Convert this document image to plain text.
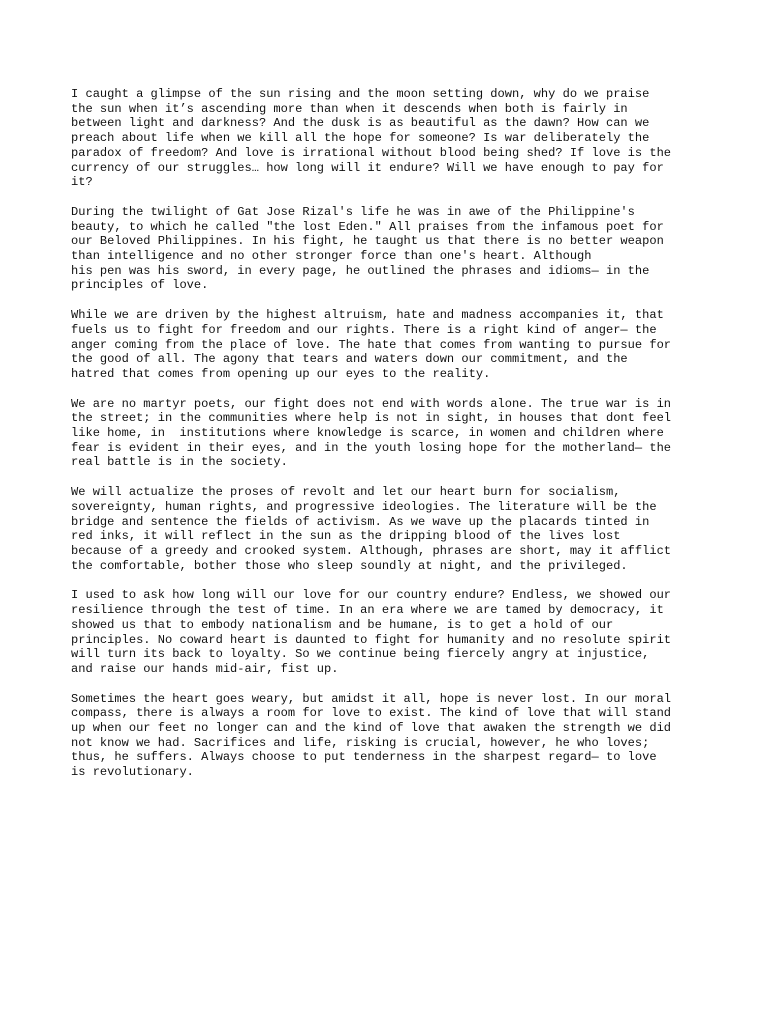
I caught a glimpse of the sun rising and the moon setting down, why do we praise
the sun when it’s ascending more than when it descends when both is fairly in
between light and darkness? And the dusk is as beautiful as the dawn? How can we
preach about life when we kill all the hope for someone? Is war deliberately the
paradox of freedom? And love is irrational without blood being shed? If love is the
currency of our struggles… how long will it endure? Will we have enough to pay for
it?

During the twilight of Gat Jose Rizal's life he was in awe of the Philippine's
beauty, to which he called "the lost Eden." All praises from the infamous poet for
our Beloved Philippines. In his fight, he taught us that there is no better weapon
than intelligence and no other stronger force than one's heart. Although
his pen was his sword, in every page, he outlined the phrases and idioms— in the
principles of love.

While we are driven by the highest altruism, hate and madness accompanies it, that
fuels us to fight for freedom and our rights. There is a right kind of anger— the
anger coming from the place of love. The hate that comes from wanting to pursue for
the good of all. The agony that tears and waters down our commitment, and the
hatred that comes from opening up our eyes to the reality.

We are no martyr poets, our fight does not end with words alone. The true war is in
the street; in the communities where help is not in sight, in houses that dont feel
like home, in  institutions where knowledge is scarce, in women and children where
fear is evident in their eyes, and in the youth losing hope for the motherland— the
real battle is in the society.

We will actualize the proses of revolt and let our heart burn for socialism,
sovereignty, human rights, and progressive ideologies. The literature will be the
bridge and sentence the fields of activism. As we wave up the placards tinted in
red inks, it will reflect in the sun as the dripping blood of the lives lost
because of a greedy and crooked system. Although, phrases are short, may it afflict
the comfortable, bother those who sleep soundly at night, and the privileged.

I used to ask how long will our love for our country endure? Endless, we showed our
resilience through the test of time. In an era where we are tamed by democracy, it
showed us that to embody nationalism and be humane, is to get a hold of our
principles. No coward heart is daunted to fight for humanity and no resolute spirit
will turn its back to loyalty. So we continue being fiercely angry at injustice,
and raise our hands mid-air, fist up.

Sometimes the heart goes weary, but amidst it all, hope is never lost. In our moral
compass, there is always a room for love to exist. The kind of love that will stand
up when our feet no longer can and the kind of love that awaken the strength we did
not know we had. Sacrifices and life, risking is crucial, however, he who loves;
thus, he suffers. Always choose to put tenderness in the sharpest regard— to love
is revolutionary.
